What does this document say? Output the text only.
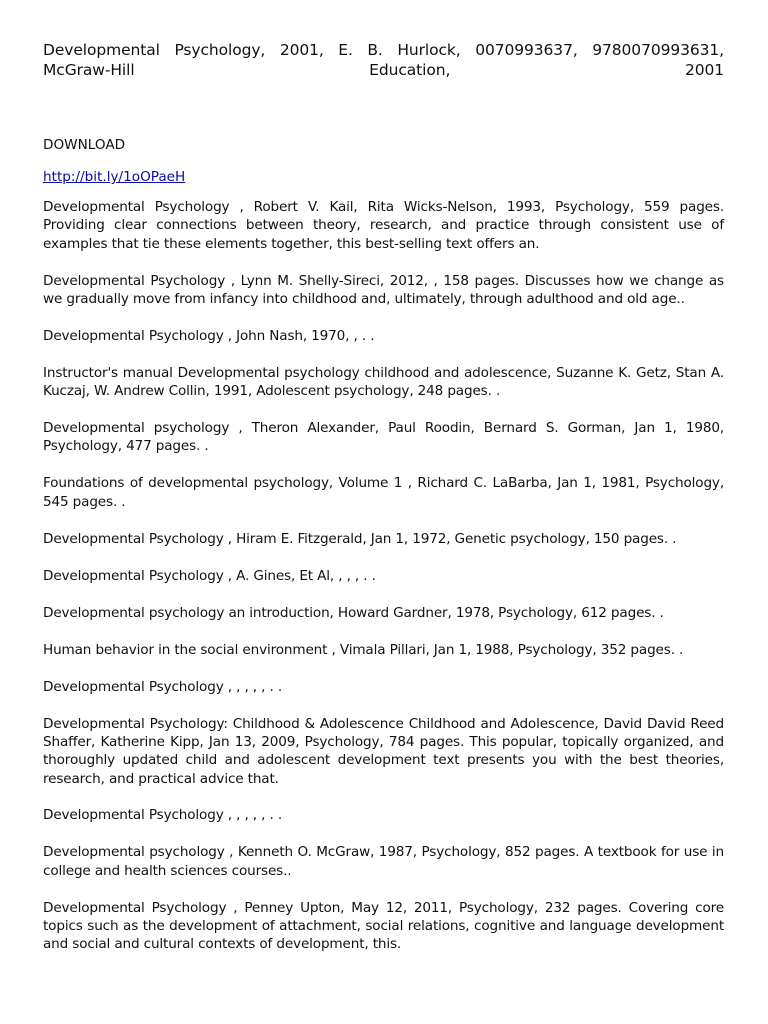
Developmental Psychology, 2001, E. B. Hurlock, 0070993637, 9780070993631, McGraw-Hill Education, 2001
DOWNLOAD
http://bit.ly/1oOPaeH

Developmental Psychology , Robert V. Kail, Rita Wicks-Nelson, 1993, Psychology, 559 pages. Providing clear connections between theory, research, and practice through consistent use of examples that tie these elements together, this best-selling text offers an.

Developmental Psychology , Lynn M. Shelly-Sireci, 2012, , 158 pages. Discusses how we change as we gradually move from infancy into childhood and, ultimately, through adulthood and old age..

Developmental Psychology , John Nash, 1970, , . .

Instructor's manual Developmental psychology childhood and adolescence, Suzanne K. Getz, Stan A. Kuczaj, W. Andrew Collin, 1991, Adolescent psychology, 248 pages. .

Developmental psychology , Theron Alexander, Paul Roodin, Bernard S. Gorman, Jan 1, 1980, Psychology, 477 pages. .

Foundations of developmental psychology, Volume 1 , Richard C. LaBarba, Jan 1, 1981, Psychology, 545 pages. .

Developmental Psychology , Hiram E. Fitzgerald, Jan 1, 1972, Genetic psychology, 150 pages. .

Developmental Psychology , A. Gines, Et Al, , , , . .

Developmental psychology an introduction, Howard Gardner, 1978, Psychology, 612 pages. .

Human behavior in the social environment , Vimala Pillari, Jan 1, 1988, Psychology, 352 pages. .

Developmental Psychology , , , , , . .

Developmental Psychology: Childhood & Adolescence Childhood and Adolescence, David David Reed Shaffer, Katherine Kipp, Jan 13, 2009, Psychology, 784 pages. This popular, topically organized, and thoroughly updated child and adolescent development text presents you with the best theories, research, and practical advice that.

Developmental Psychology , , , , , . .

Developmental psychology , Kenneth O. McGraw, 1987, Psychology, 852 pages. A textbook for use in college and health sciences courses..

Developmental Psychology , Penney Upton, May 12, 2011, Psychology, 232 pages. Covering core topics such as the development of attachment, social relations, cognitive and language development and social and cultural contexts of development, this.
